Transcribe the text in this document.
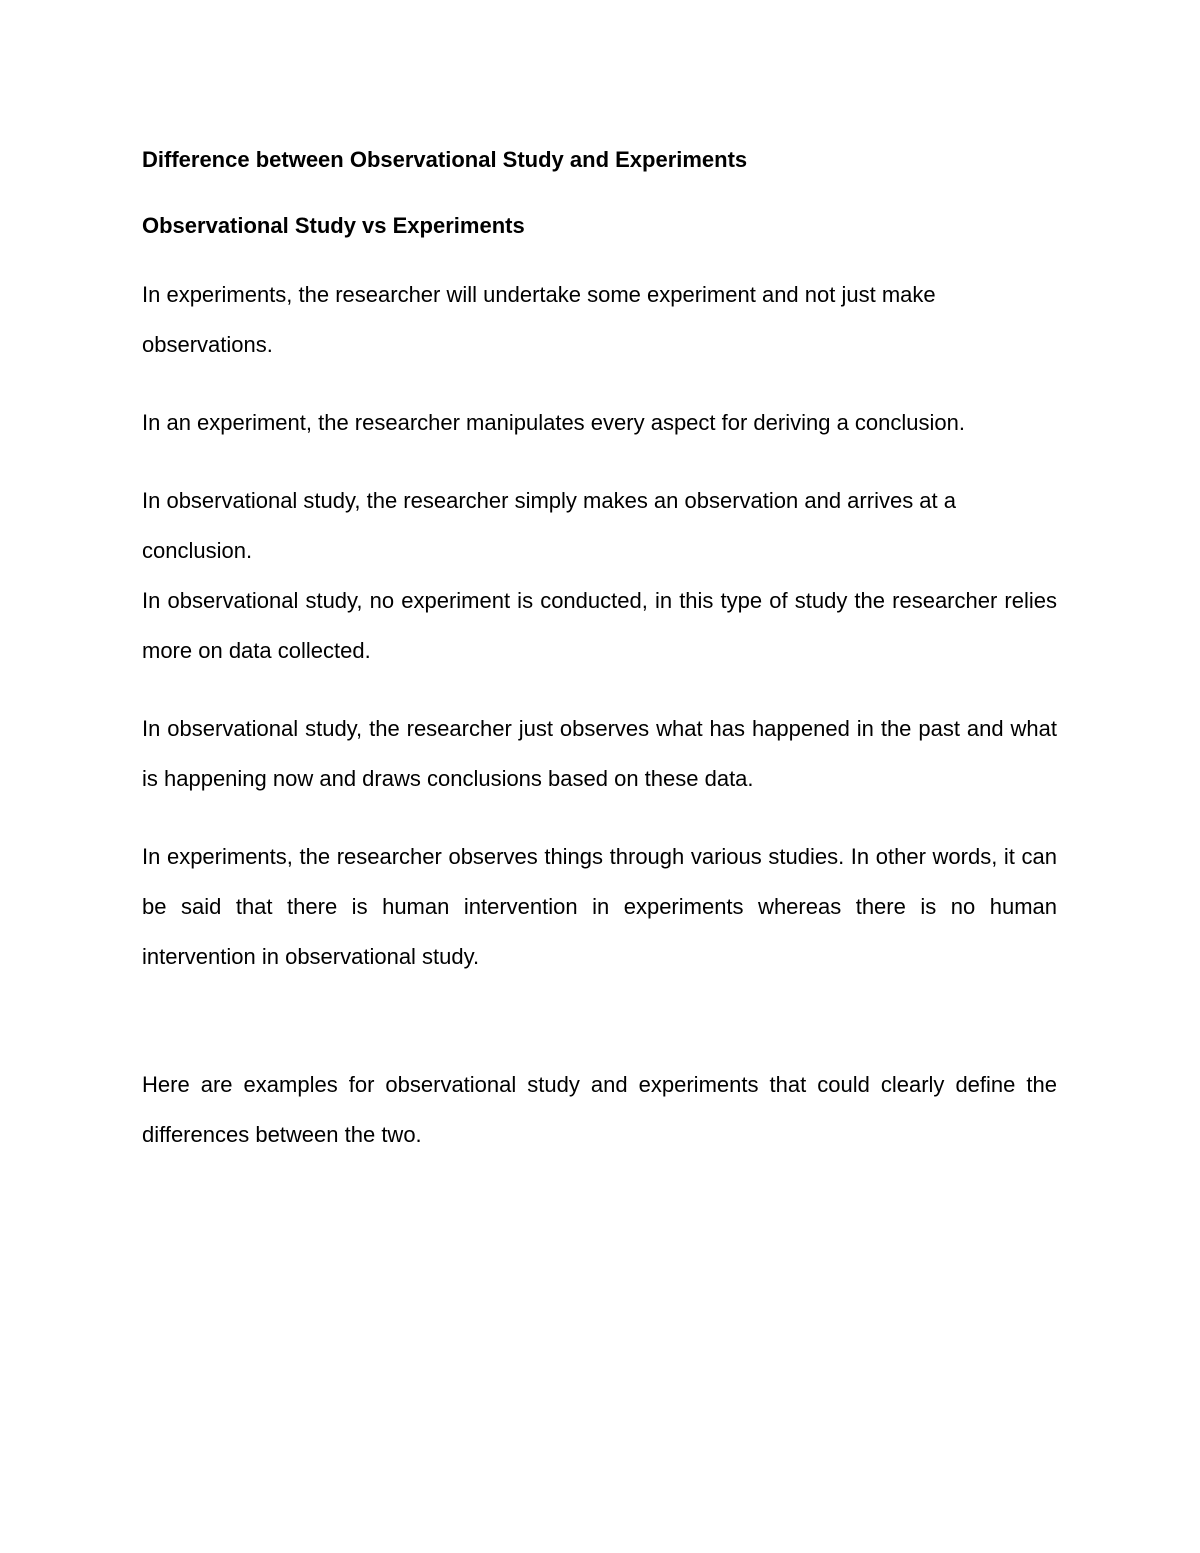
Difference between Observational Study and Experiments

Observational Study vs Experiments

In experiments, the researcher will undertake some experiment and not just make observations.

In an experiment, the researcher manipulates every aspect for deriving a conclusion.

In observational study, the researcher simply makes an observation and arrives at a conclusion.

In observational study, no experiment is conducted, in this type of study the researcher relies more on data collected.

In observational study, the researcher just observes what has happened in the past and what is happening now and draws conclusions based on these data.

In experiments, the researcher observes things through various studies. In other words, it can be said that there is human intervention in experiments whereas there is no human intervention in observational study.

Here are examples for observational study and experiments that could clearly define the differences between the two.
